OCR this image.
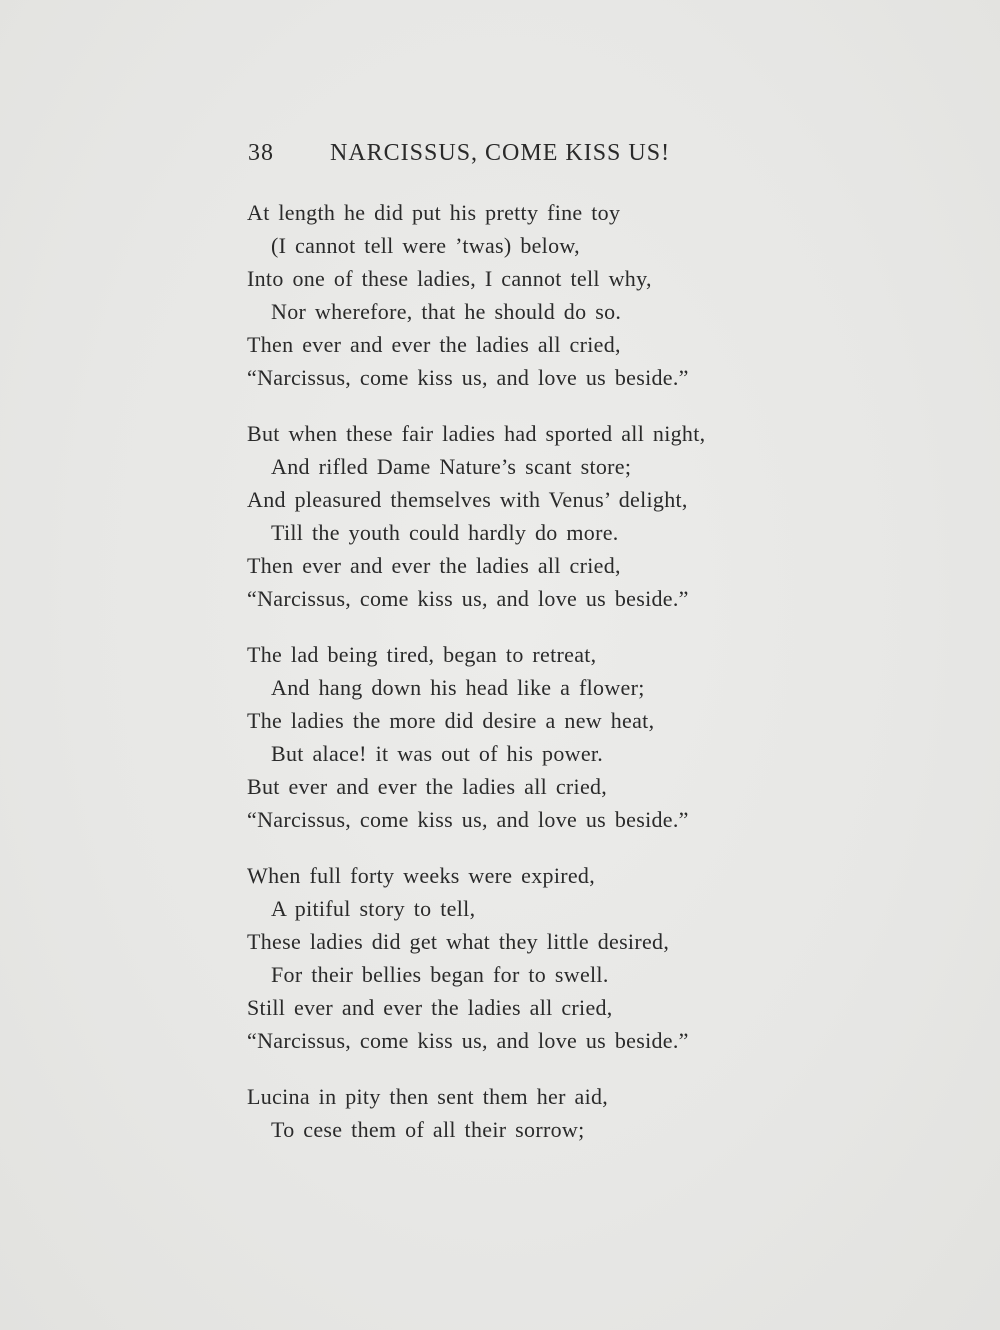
38 NARCISSUS, COME KISS US!
At length he did put his pretty fine toy
(I cannot tell were ’twas) below,
Into one of these ladies, I cannot tell why,
Nor wherefore, that he should do so.
Then ever and ever the ladies all cried,
“Narcissus, come kiss us, and love us beside.”
But when these fair ladies had sported all night,
And rifled Dame Nature’s scant store;
And pleasured themselves with Venus’ delight,
Till the youth could hardly do more.
Then ever and ever the ladies all cried,
“Narcissus, come kiss us, and love us beside.”
The lad being tired, began to retreat,
And hang down his head like a flower;
The ladies the more did desire a new heat,
But alace! it was out of his power.
But ever and ever the ladies all cried,
“Narcissus, come kiss us, and love us beside.”
When full forty weeks were expired,
A pitiful story to tell,
These ladies did get what they little desired,
For their bellies began for to swell.
Still ever and ever the ladies all cried,
“Narcissus, come kiss us, and love us beside.”
Lucina in pity then sent them her aid,
To cese them of all their sorrow;
